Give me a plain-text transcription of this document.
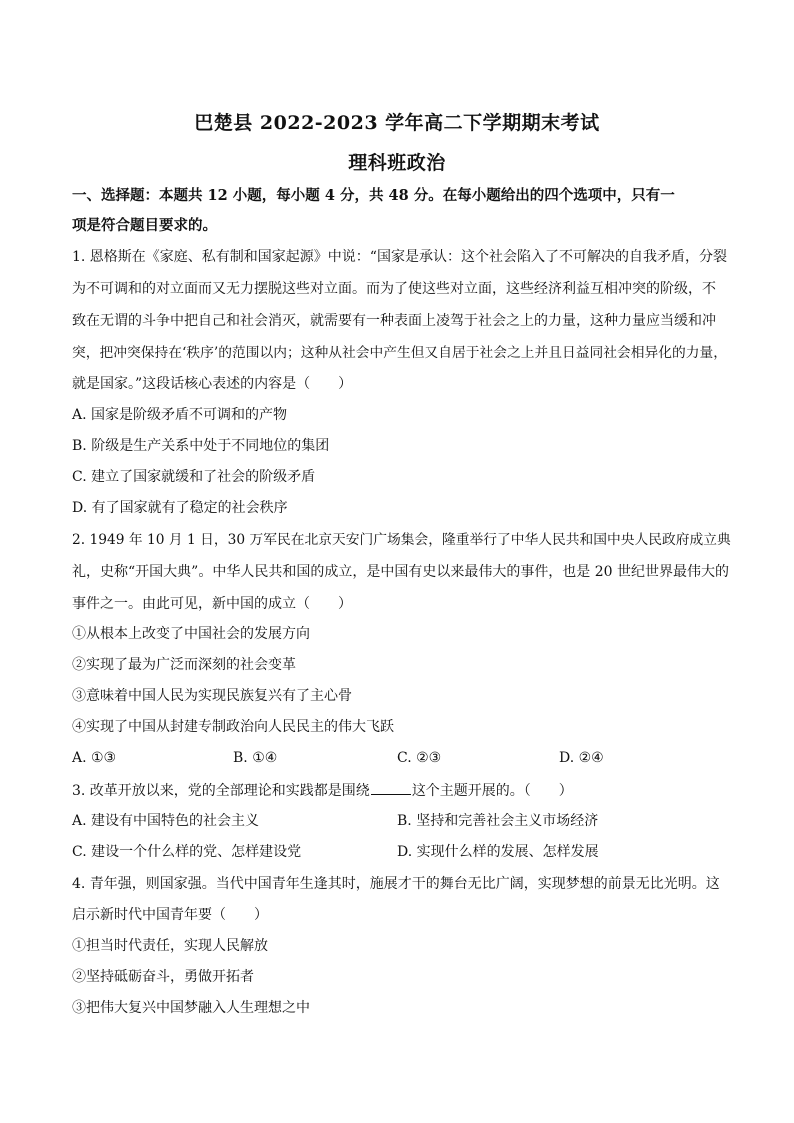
巴楚县 2022-2023 学年高二下学期期末考试
理科班政治
一、选择题：本题共 12 小题，每小题 4 分，共 48 分。在每小题给出的四个选项中，只有一
项是符合题目要求的。
1. 恩格斯在《家庭、私有制和国家起源》中说：“国家是承认：这个社会陷入了不可解决的自我矛盾，分裂
为不可调和的对立面而又无力摆脱这些对立面。而为了使这些对立面，这些经济利益互相冲突的阶级，不
致在无谓的斗争中把自己和社会消灭，就需要有一种表面上凌驾于社会之上的力量，这种力量应当缓和冲
突，把冲突保持在‘秩序’的范围以内；这种从社会中产生但又自居于社会之上并且日益同社会相异化的力量，
就是国家。”这段话核心表述的内容是（　　）
A. 国家是阶级矛盾不可调和的产物
B. 阶级是生产关系中处于不同地位的集团
C. 建立了国家就缓和了社会的阶级矛盾
D. 有了国家就有了稳定的社会秩序
2. 1949 年 10 月 1 日，30 万军民在北京天安门广场集会，隆重举行了中华人民共和国中央人民政府成立典
礼，史称“开国大典”。中华人民共和国的成立，是中国有史以来最伟大的事件，也是 20 世纪世界最伟大的
事件之一。由此可见，新中国的成立（　　）
①从根本上改变了中国社会的发展方向
②实现了最为广泛而深刻的社会变革
③意味着中国人民为实现民族复兴有了主心骨
④实现了中国从封建专制政治向人民民主的伟大飞跃
A. ①③	B. ①④	C. ②③	D. ②④
3. 改革开放以来，党的全部理论和实践都是围绕	这个主题开展的。（　　）
A. 建设有中国特色的社会主义	B. 坚持和完善社会主义市场经济
C. 建设一个什么样的党、怎样建设党	D. 实现什么样的发展、怎样发展
4. 青年强，则国家强。当代中国青年生逢其时，施展才干的舞台无比广阔，实现梦想的前景无比光明。这
启示新时代中国青年要（　　）
①担当时代责任，实现人民解放
②坚持砥砺奋斗，勇做开拓者
③把伟大复兴中国梦融入人生理想之中
